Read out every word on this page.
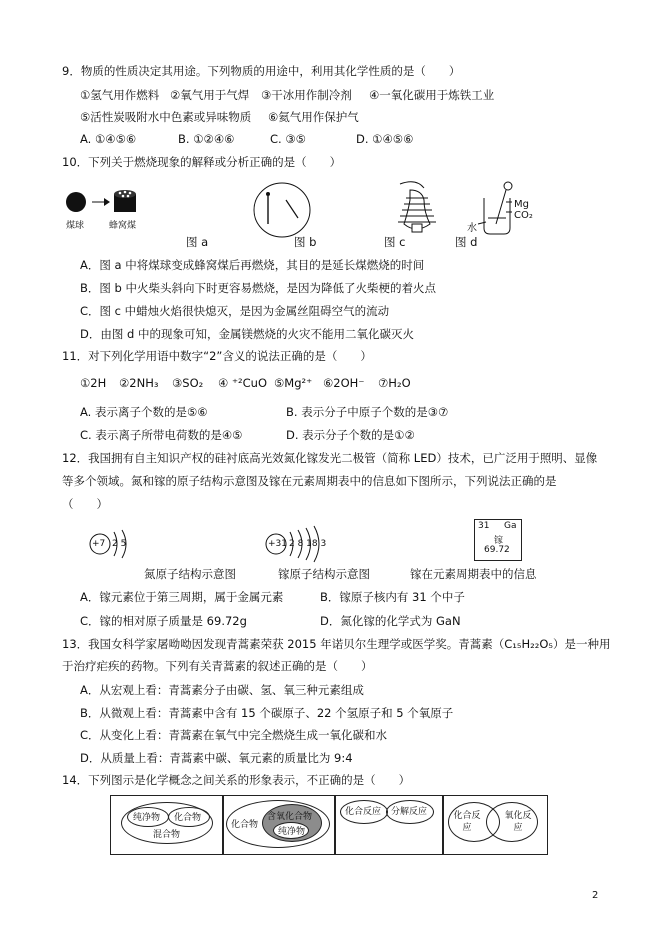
9．物质的性质决定其用途。下列物质的用途中，利用其化学性质的是（　　）
①氢气用作燃料 ②氧气用于气焊 ③干冰用作制冷剂 ④一氧化碳用于炼铁工业
⑤活性炭吸附水中色素或异味物质 ⑥氦气用作保护气
A. ①④⑤⑥	B. ①②④⑥	C. ③⑤	D. ①④⑤⑥
10．下列关于燃烧现象的解释或分析正确的是（　　）
煤球	蜂窝煤
Mg
CO₂
水
图 a	图 b	图 c	图 d
A．图 a 中将煤球变成蜂窝煤后再燃烧，其目的是延长煤燃烧的时间
B．图 b 中火柴头斜向下时更容易燃烧，是因为降低了火柴梗的着火点
C．图 c 中蜡烛火焰很快熄灭，是因为金属丝阻碍空气的流动
D．由图 d 中的现象可知，金属镁燃烧的火灾不能用二氧化碳灭火
11．对下列化学用语中数字“2”含义的说法正确的是（　　）
①2H ②2NH₃ ③SO₂ ④ ⁺²CuO ⑤Mg²⁺ ⑥2OH⁻ ⑦H₂O
A. 表示离子个数的是⑤⑥	B. 表示分子中原子个数的是③⑦
C. 表示离子所带电荷数的是④⑤	D. 表示分子个数的是①②
12．我国拥有自主知识产权的硅衬底高光效氮化镓发光二极管（简称 LED）技术，已广泛用于照明、显像
等多个领域。氮和镓的原子结构示意图及镓在元素周期表中的信息如下图所示，下列说法正确的是
（　　）
+7 2 5	+31 2 8 18 3
31 Ga
镓
69.72
氮原子结构示意图	镓原子结构示意图	镓在元素周期表中的信息
A．镓元素位于第三周期，属于金属元素	B．镓原子核内有 31 个中子
C．镓的相对原子质量是 69.72g	D．氮化镓的化学式为 GaN
13．我国女科学家屠呦呦因发现青蒿素荣获 2015 年诺贝尔生理学或医学奖。青蒿素（C₁₅H₂₂O₅）是一种用
于治疗疟疾的药物。下列有关青蒿素的叙述正确的是（　　）
A．从宏观上看：青蒿素分子由碳、氢、氧三种元素组成
B．从微观上看：青蒿素中含有 15 个碳原子、22 个氢原子和 5 个氧原子
C．从变化上看：青蒿素在氧气中完全燃烧生成一氧化碳和水
D．从质量上看：青蒿素中碳、氧元素的质量比为 9:4
14．下列图示是化学概念之间关系的形象表示，不正确的是（　　）
纯净物 化合物
混合物
化合物
含氧化合物
纯净物
化合反应 分解反应	化合反应
氧化反应
2
